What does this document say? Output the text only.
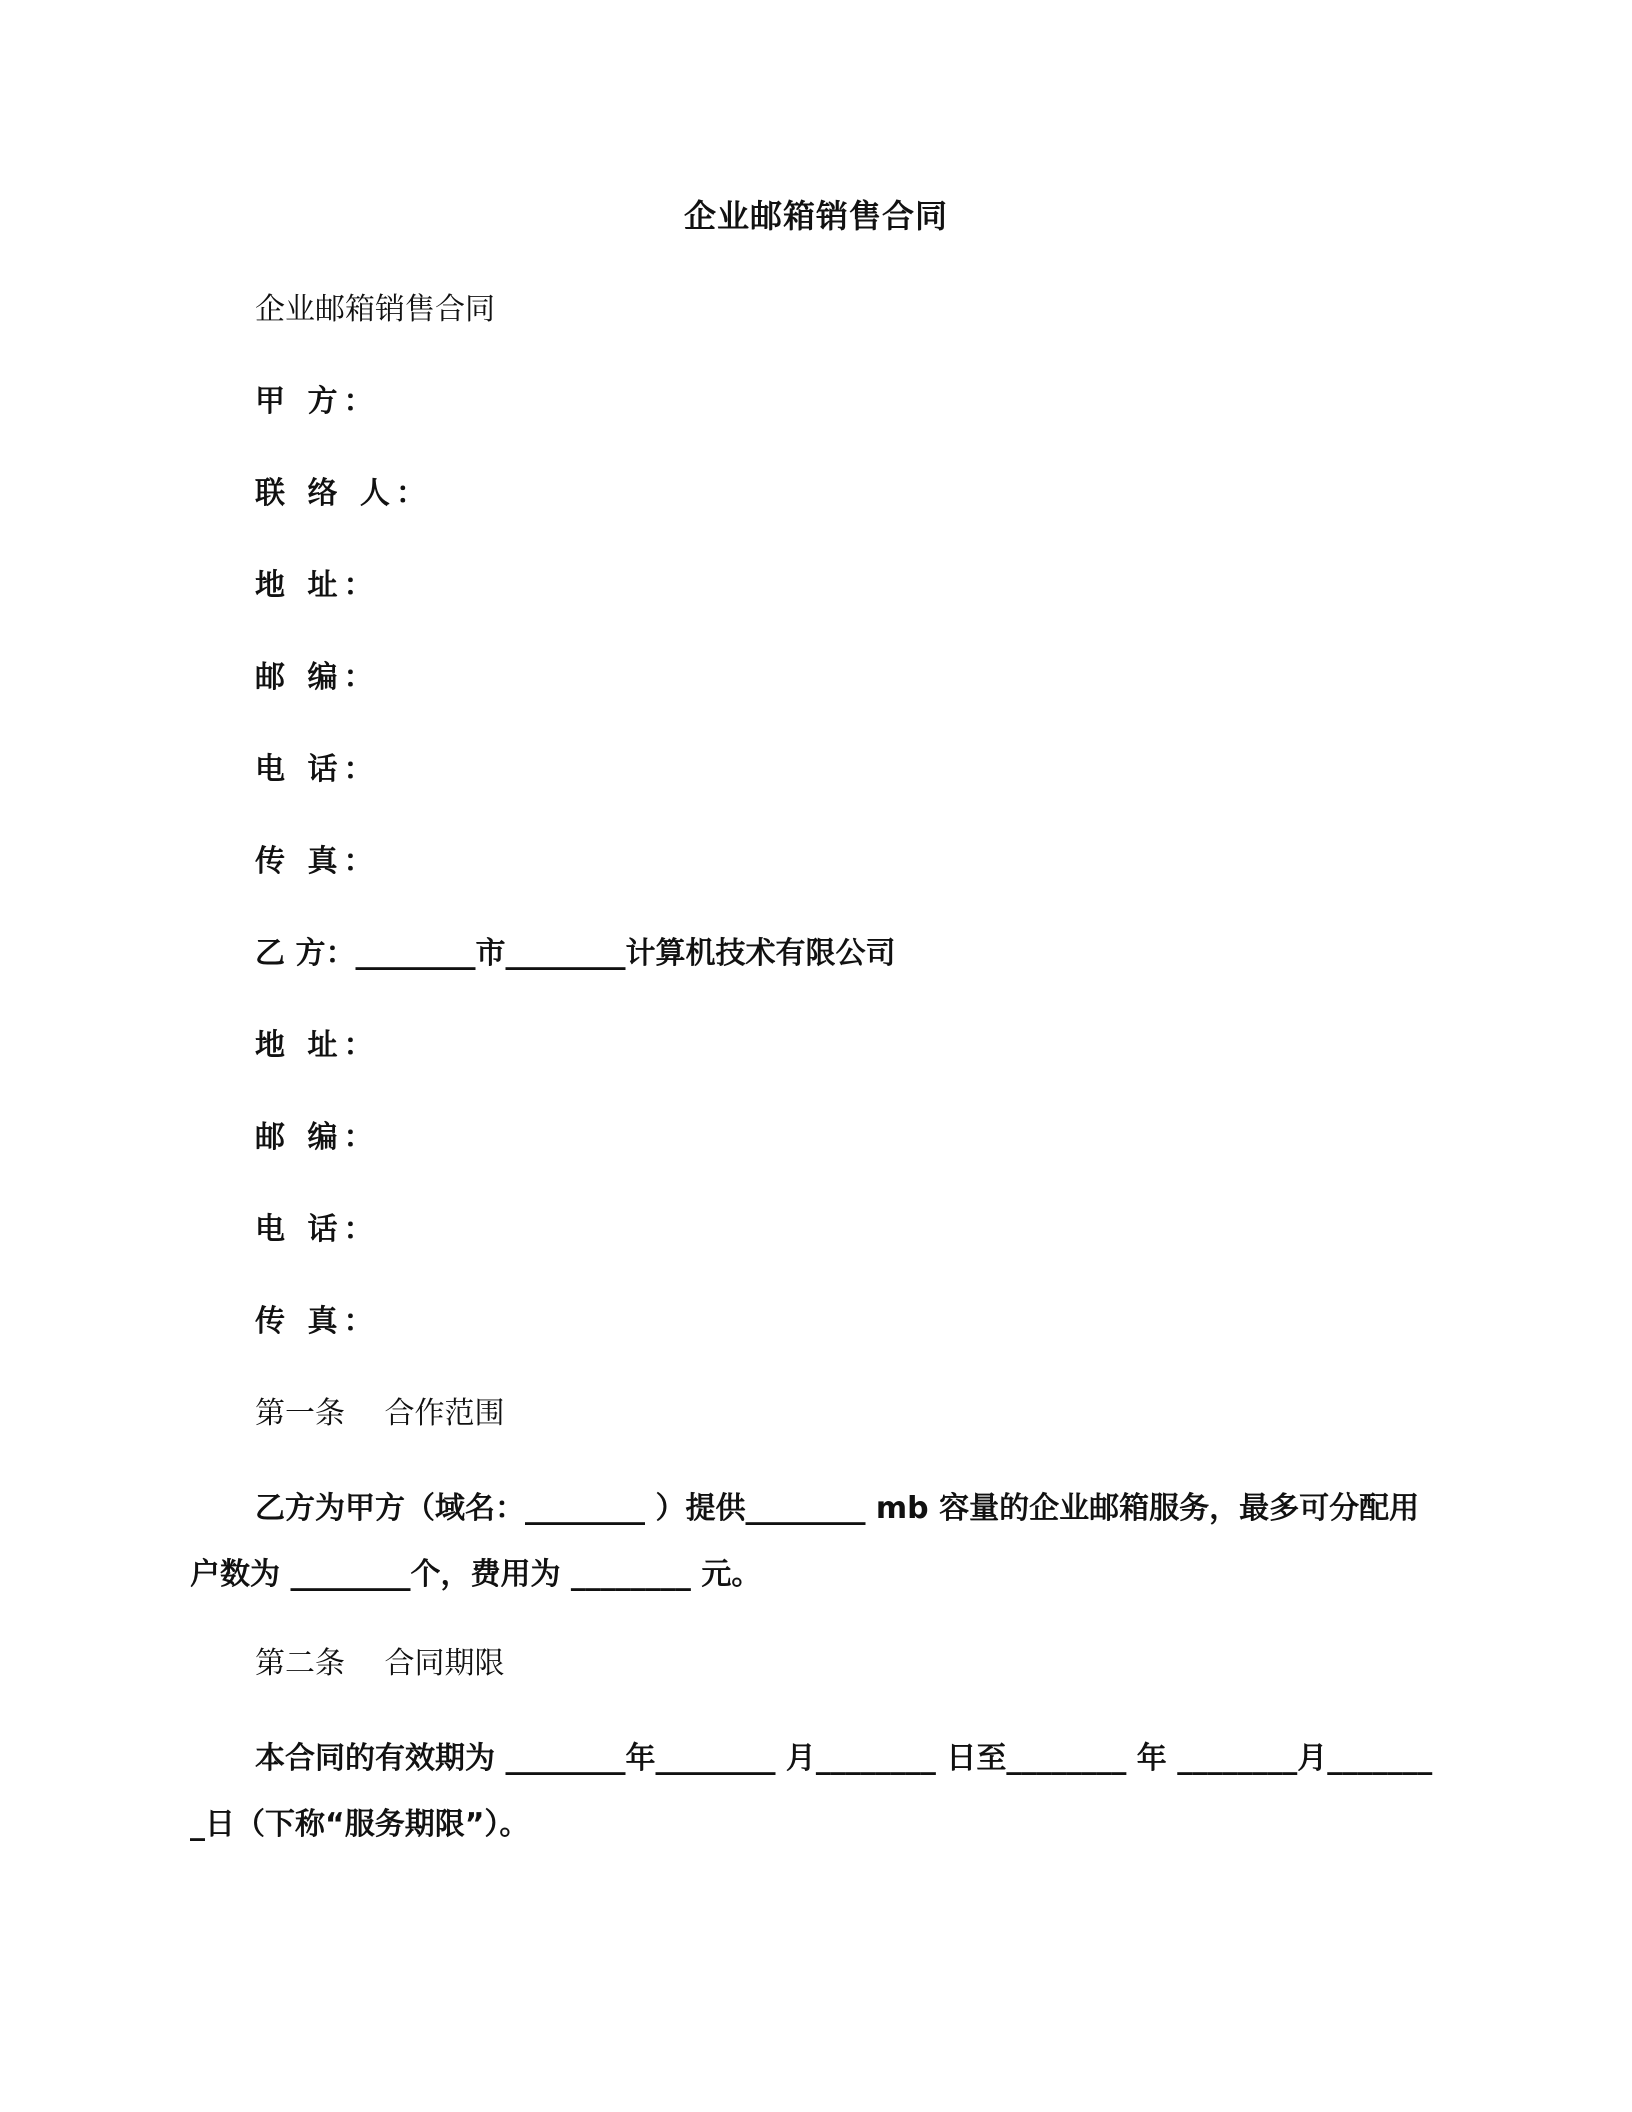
企业邮箱销售合同
企业邮箱销售合同
甲 方：
联 络 人：
地 址：
邮 编：
电 话：
传 真：
乙 方：________市________计算机技术有限公司
地 址：
邮 编：
电 话：
传 真：
第一条　 合作范围
乙方为甲方（域名：________ ）提供________ mb 容量的企业邮箱服务，最多可分配用户数为 ________个，费用为 ________ 元。
第二条　 合同期限
本合同的有效期为 ________年________ 月________ 日至________ 年 ________月________日（下称“服务期限”）。
